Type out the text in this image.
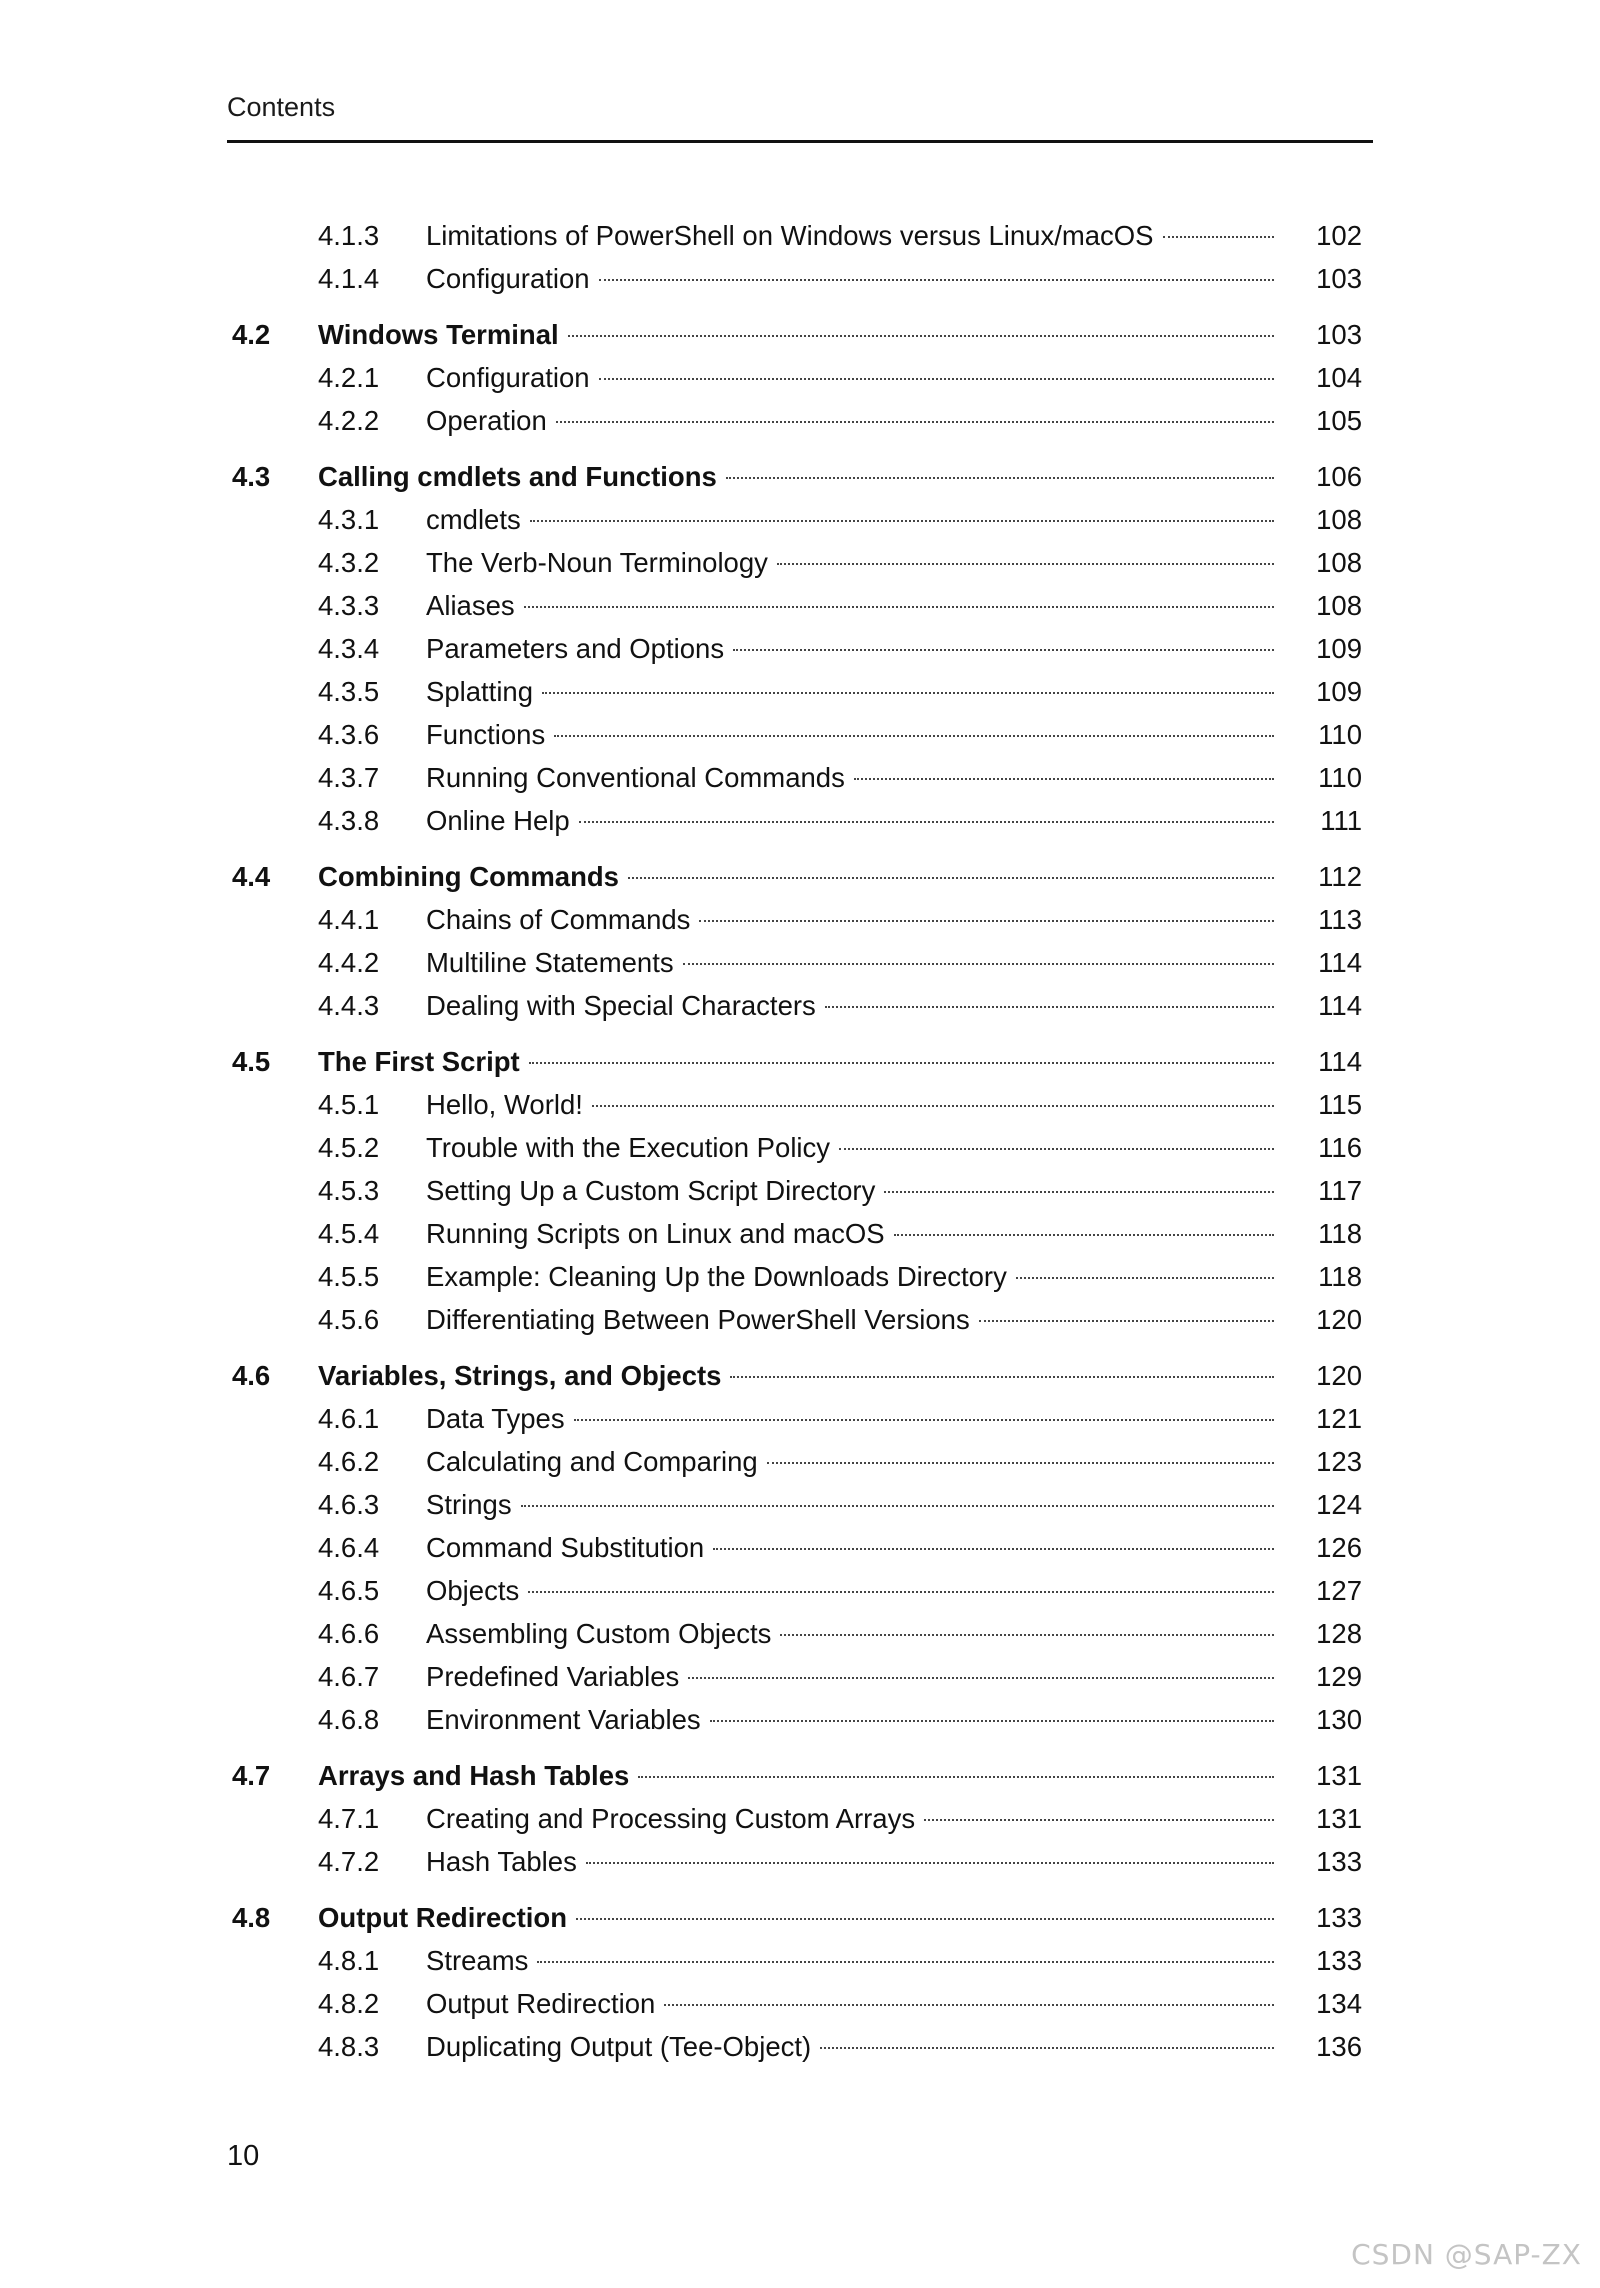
Contents
4.1.3 Limitations of PowerShell on Windows versus Linux/macOS	102
4.1.4 Configuration	103
4.2 Windows Terminal	103
4.2.1 Configuration	104
4.2.2 Operation	105
4.3 Calling cmdlets and Functions	106
4.3.1 cmdlets	108
4.3.2 The Verb-Noun Terminology	108
4.3.3 Aliases	108
4.3.4 Parameters and Options	109
4.3.5 Splatting	109
4.3.6 Functions	110
4.3.7 Running Conventional Commands	110
4.3.8 Online Help	111
4.4 Combining Commands	112
4.4.1 Chains of Commands	113
4.4.2 Multiline Statements	114
4.4.3 Dealing with Special Characters	114
4.5 The First Script	114
4.5.1 Hello, World!	115
4.5.2 Trouble with the Execution Policy	116
4.5.3 Setting Up a Custom Script Directory	117
4.5.4 Running Scripts on Linux and macOS	118
4.5.5 Example: Cleaning Up the Downloads Directory	118
4.5.6 Differentiating Between PowerShell Versions	120
4.6 Variables, Strings, and Objects	120
4.6.1 Data Types	121
4.6.2 Calculating and Comparing	123
4.6.3 Strings	124
4.6.4 Command Substitution	126
4.6.5 Objects	127
4.6.6 Assembling Custom Objects	128
4.6.7 Predefined Variables	129
4.6.8 Environment Variables	130
4.7 Arrays and Hash Tables	131
4.7.1 Creating and Processing Custom Arrays	131
4.7.2 Hash Tables	133
4.8 Output Redirection	133
4.8.1 Streams	133
4.8.2 Output Redirection	134
4.8.3 Duplicating Output (Tee-Object)	136
10
CSDN @SAP-ZX
